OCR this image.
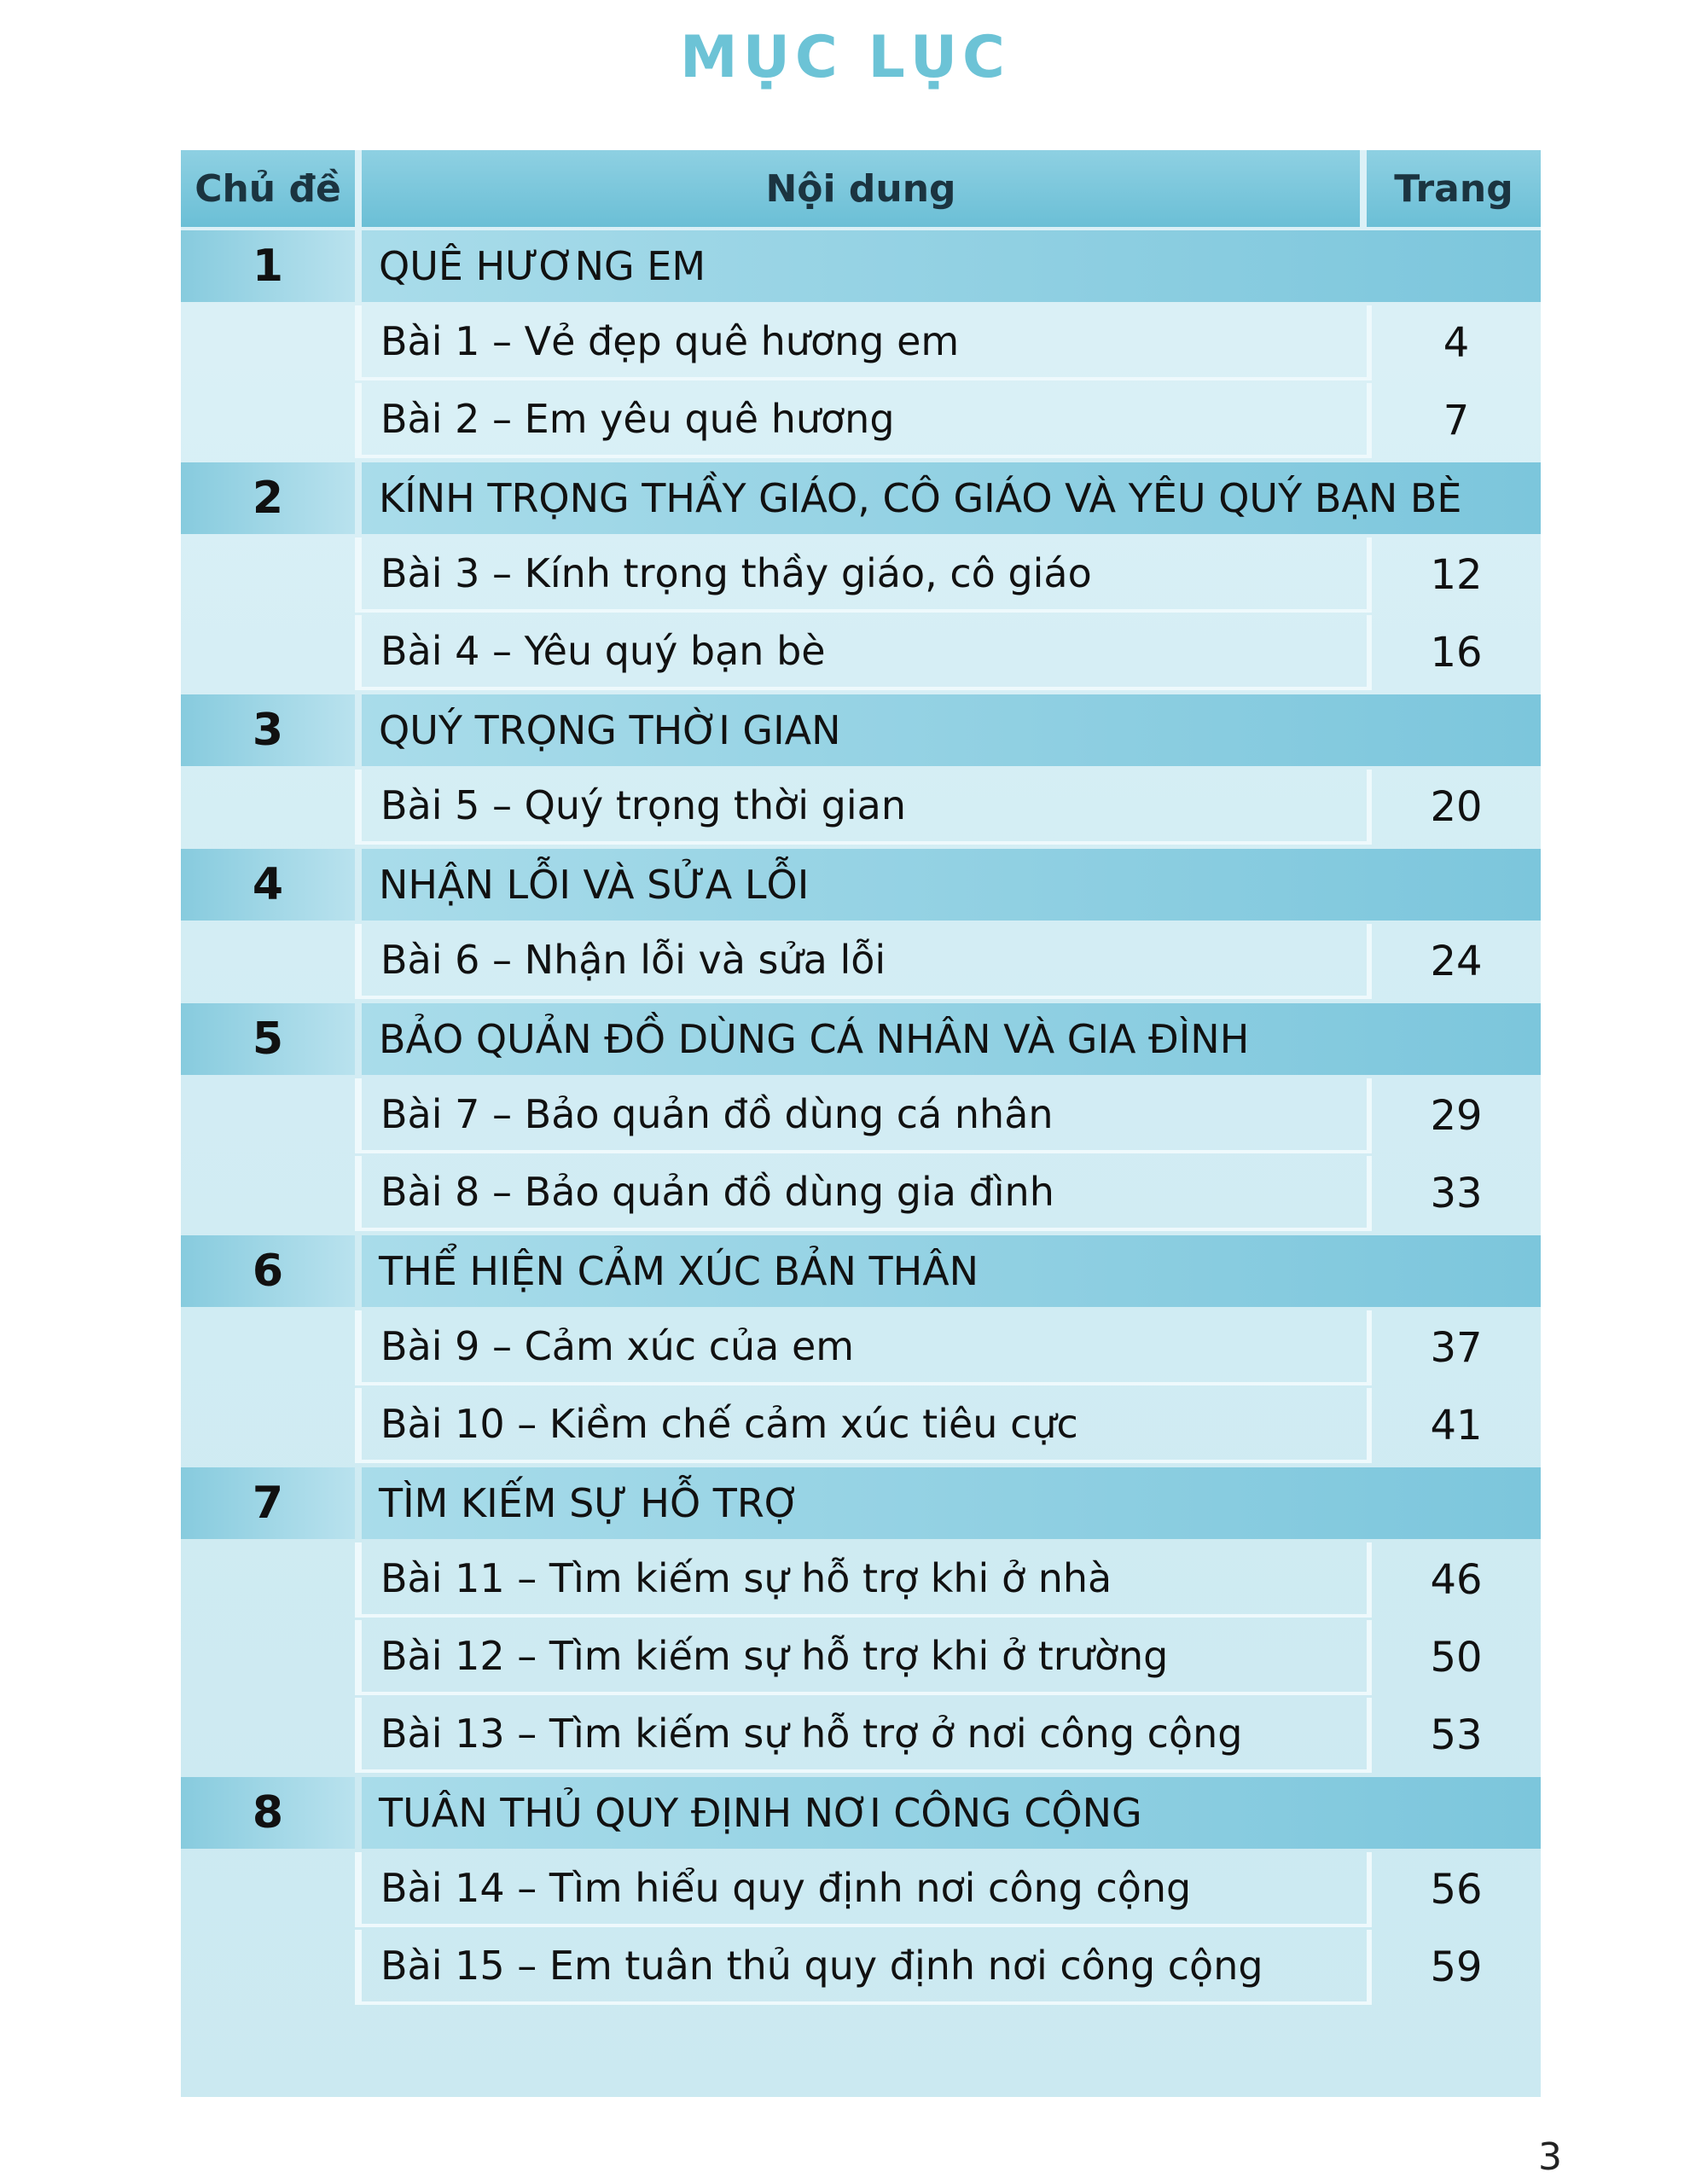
MỤC LỤC
Chủ đề	Nội dung	Trang
1	QUÊ HƯƠNG EM
Bài 1 – Vẻ đẹp quê hương em	4
Bài 2 – Em yêu quê hương	7
2	KÍNH TRỌNG THẦY GIÁO, CÔ GIÁO VÀ YÊU QUÝ BẠN BÈ
Bài 3 – Kính trọng thầy giáo, cô giáo	12
Bài 4 – Yêu quý bạn bè	16
3	QUÝ TRỌNG THỜI GIAN
Bài 5 – Quý trọng thời gian	20
4	NHẬN LỖI VÀ SỬA LỖI
Bài 6 – Nhận lỗi và sửa lỗi	24
5	BẢO QUẢN ĐỒ DÙNG CÁ NHÂN VÀ GIA ĐÌNH
Bài 7 – Bảo quản đồ dùng cá nhân	29
Bài 8 – Bảo quản đồ dùng gia đình	33
6	THỂ HIỆN CẢM XÚC BẢN THÂN
Bài 9 – Cảm xúc của em	37
Bài 10 – Kiềm chế cảm xúc tiêu cực	41
7	TÌM KIẾM SỰ HỖ TRỢ
Bài 11 – Tìm kiếm sự hỗ trợ khi ở nhà	46
Bài 12 – Tìm kiếm sự hỗ trợ khi ở trường	50
Bài 13 – Tìm kiếm sự hỗ trợ ở nơi công cộng	53
8	TUÂN THỦ QUY ĐỊNH NƠI CÔNG CỘNG
Bài 14 – Tìm hiểu quy định nơi công cộng	56
Bài 15 – Em tuân thủ quy định nơi công cộng	59
3
